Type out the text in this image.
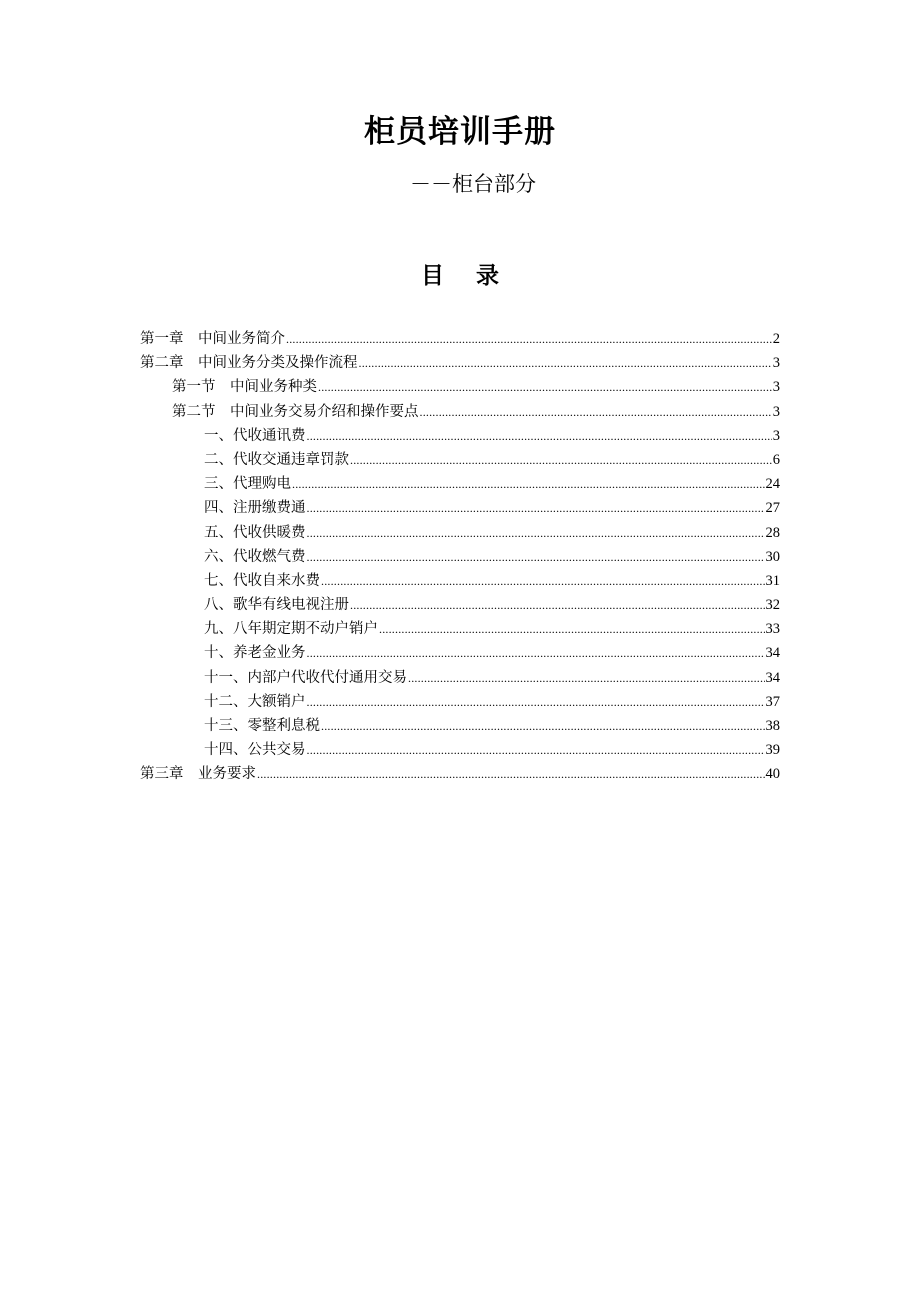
柜员培训手册
－－柜台部分
目    录
第一章　中间业务简介 .....	2
第二章　中间业务分类及操作流程 .....	3
第一节　中间业务种类 .....	3
第二节　中间业务交易介绍和操作要点 .....	3
一、代收通讯费 .....	3
二、代收交通违章罚款 .....	6
三、代理购电 .....	24
四、注册缴费通 .....	27
五、代收供暖费 .....	28
六、代收燃气费 .....	30
七、代收自来水费 .....	31
八、歌华有线电视注册 .....	32
九、八年期定期不动户销户 .....	33
十、养老金业务 .....	34
十一、内部户代收代付通用交易 .....	34
十二、大额销户 .....	37
十三、零整利息税 .....	38
十四、公共交易 .....	39
第三章　业务要求 .....	40
